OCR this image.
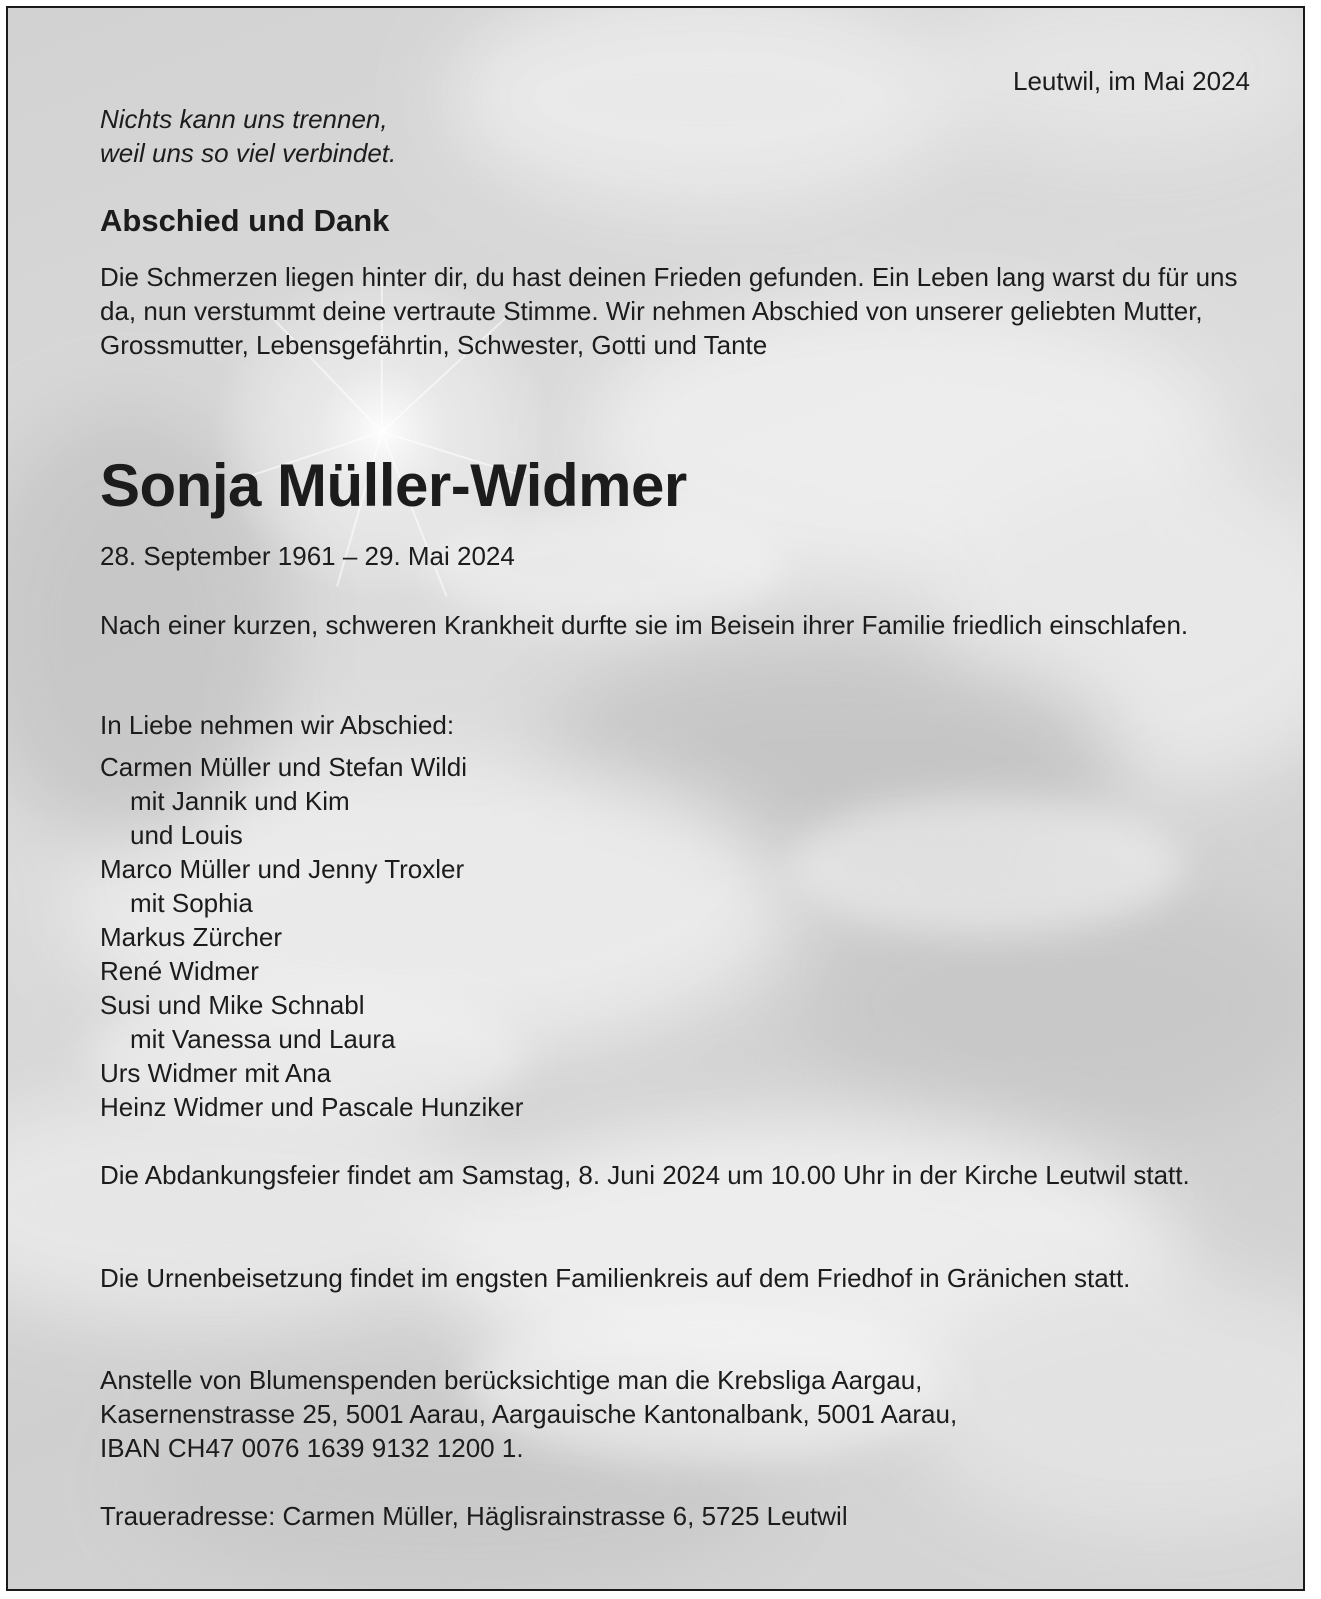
Leutwil, im Mai 2024

Nichts kann uns trennen,
weil uns so viel verbindet.

Abschied und Dank

Die Schmerzen liegen hinter dir, du hast deinen Frieden gefunden. Ein Leben lang warst du für uns da, nun verstummt deine vertraute Stimme. Wir nehmen Abschied von unserer geliebten Mutter, Grossmutter, Lebensgefährtin, Schwester, Gotti und Tante

Sonja Müller-Widmer

28. September 1961 – 29. Mai 2024

Nach einer kurzen, schweren Krankheit durfte sie im Beisein ihrer Familie friedlich einschlafen.

In Liebe nehmen wir Abschied:

Carmen Müller und Stefan Wildi
mit Jannik und Kim
und Louis
Marco Müller und Jenny Troxler
mit Sophia
Markus Zürcher
René Widmer
Susi und Mike Schnabl
mit Vanessa und Laura
Urs Widmer mit Ana
Heinz Widmer und Pascale Hunziker

Die Abdankungsfeier findet am Samstag, 8. Juni 2024 um 10.00 Uhr in der Kirche Leutwil statt.

Die Urnenbeisetzung findet im engsten Familienkreis auf dem Friedhof in Gränichen statt.

Anstelle von Blumenspenden berücksichtige man die Krebsliga Aargau,
Kasernenstrasse 25, 5001 Aarau, Aargauische Kantonalbank, 5001 Aarau,
IBAN CH47 0076 1639 9132 1200 1.

Traueradresse: Carmen Müller, Häglisrainstrasse 6, 5725 Leutwil
